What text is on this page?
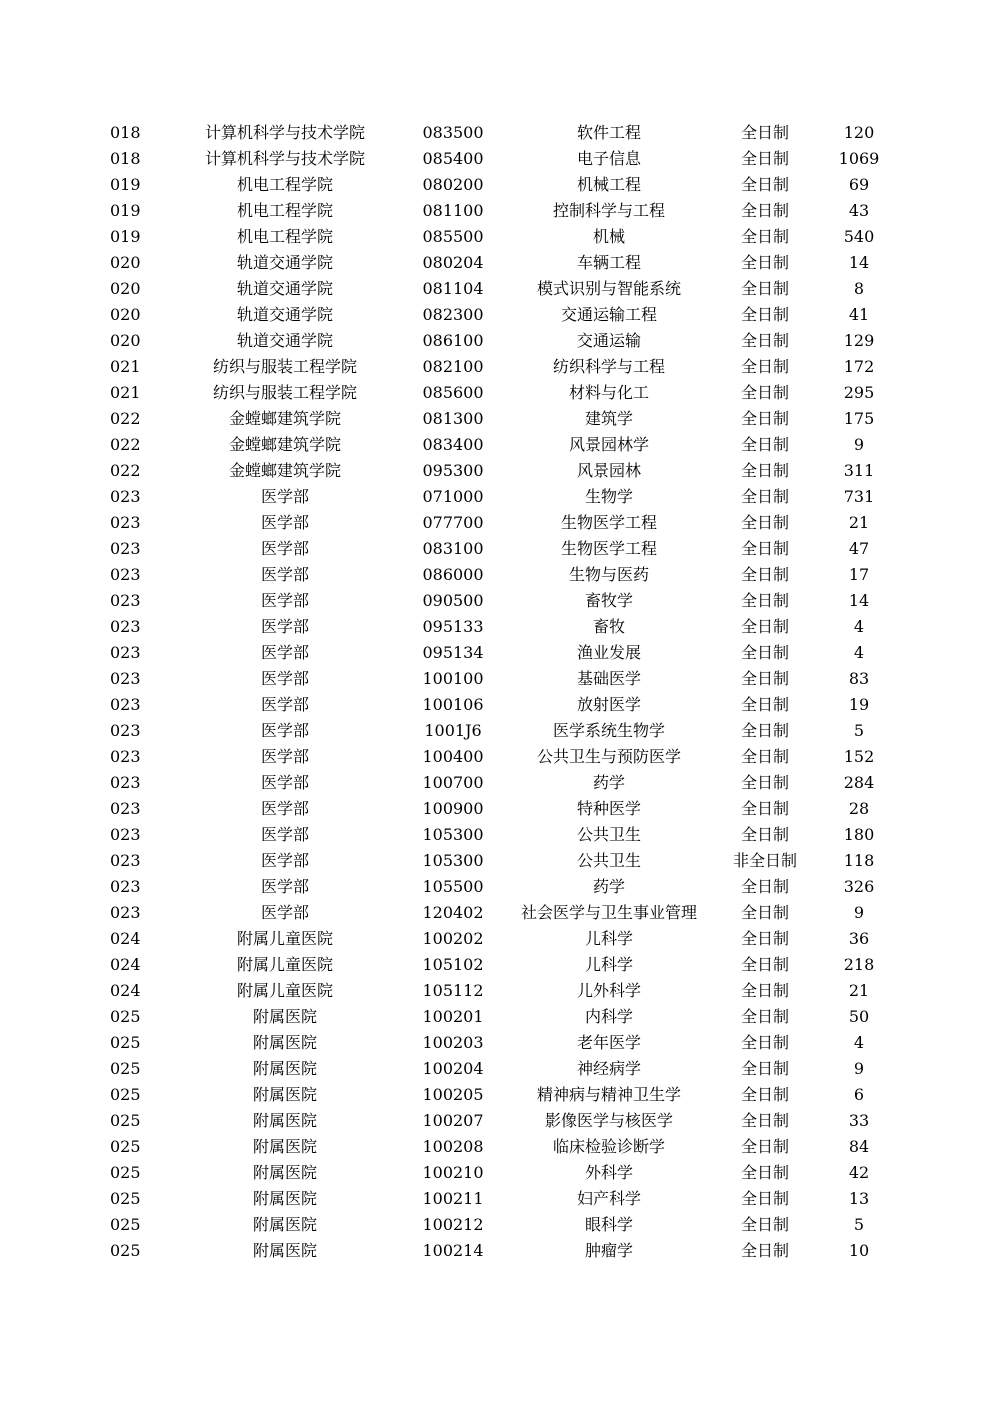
018	计算机科学与技术学院	083500	软件工程	全日制	120
018	计算机科学与技术学院	085400	电子信息	全日制	1069
019	机电工程学院	080200	机械工程	全日制	69
019	机电工程学院	081100	控制科学与工程	全日制	43
019	机电工程学院	085500	机械	全日制	540
020	轨道交通学院	080204	车辆工程	全日制	14
020	轨道交通学院	081104	模式识别与智能系统	全日制	8
020	轨道交通学院	082300	交通运输工程	全日制	41
020	轨道交通学院	086100	交通运输	全日制	129
021	纺织与服装工程学院	082100	纺织科学与工程	全日制	172
021	纺织与服装工程学院	085600	材料与化工	全日制	295
022	金螳螂建筑学院	081300	建筑学	全日制	175
022	金螳螂建筑学院	083400	风景园林学	全日制	9
022	金螳螂建筑学院	095300	风景园林	全日制	311
023	医学部	071000	生物学	全日制	731
023	医学部	077700	生物医学工程	全日制	21
023	医学部	083100	生物医学工程	全日制	47
023	医学部	086000	生物与医药	全日制	17
023	医学部	090500	畜牧学	全日制	14
023	医学部	095133	畜牧	全日制	4
023	医学部	095134	渔业发展	全日制	4
023	医学部	100100	基础医学	全日制	83
023	医学部	100106	放射医学	全日制	19
023	医学部	1001J6	医学系统生物学	全日制	5
023	医学部	100400	公共卫生与预防医学	全日制	152
023	医学部	100700	药学	全日制	284
023	医学部	100900	特种医学	全日制	28
023	医学部	105300	公共卫生	全日制	180
023	医学部	105300	公共卫生	非全日制	118
023	医学部	105500	药学	全日制	326
023	医学部	120402	社会医学与卫生事业管理	全日制	9
024	附属儿童医院	100202	儿科学	全日制	36
024	附属儿童医院	105102	儿科学	全日制	218
024	附属儿童医院	105112	儿外科学	全日制	21
025	附属医院	100201	内科学	全日制	50
025	附属医院	100203	老年医学	全日制	4
025	附属医院	100204	神经病学	全日制	9
025	附属医院	100205	精神病与精神卫生学	全日制	6
025	附属医院	100207	影像医学与核医学	全日制	33
025	附属医院	100208	临床检验诊断学	全日制	84
025	附属医院	100210	外科学	全日制	42
025	附属医院	100211	妇产科学	全日制	13
025	附属医院	100212	眼科学	全日制	5
025	附属医院	100214	肿瘤学	全日制	10
